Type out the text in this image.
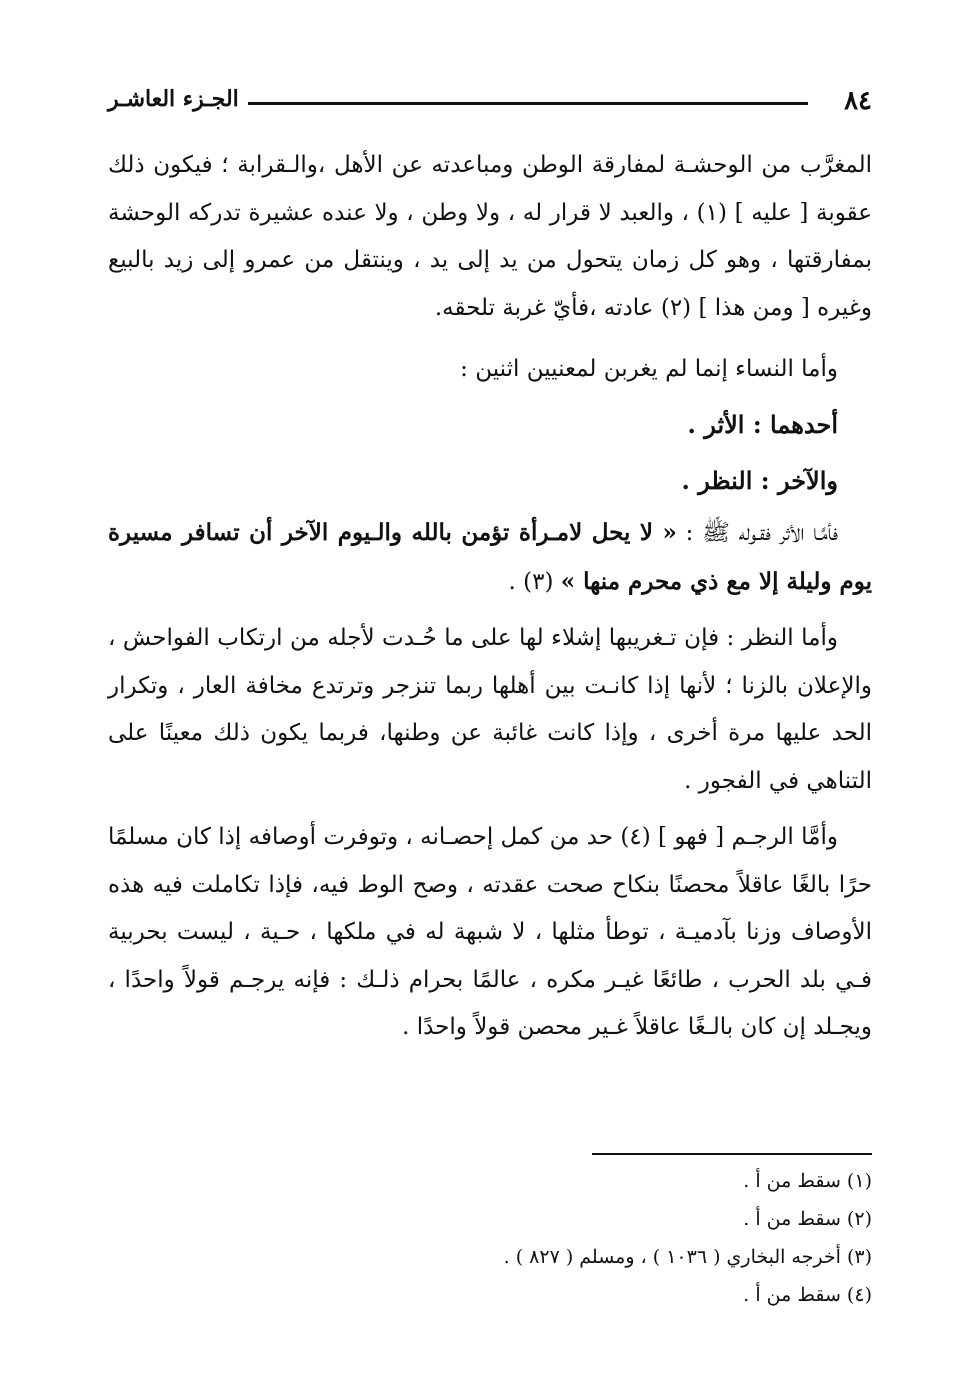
٨٤
الجـزء العاشـر

المغرَّب من الوحشـة لمفارقة الوطن ومباعدته عن الأهل ،والـقرابة ؛ فيكون ذلك عقوبة [ عليه ] (١) ، والعبد لا قرار له ، ولا وطن ، ولا عنده عشيرة تدركه الوحشة بمفارقتها ، وهو كل زمان يتحول من يد إلى يد ، وينتقل من عمرو إلى زيد بالبيع وغيره [ ومن هذا ] (٢) عادته ،فأيّ غربة تلحقه.

وأما النساء إنما لم يغربن لمعنيين اثنين :

أحدهما : الأثر .

والآخر : النظر .

فأمَّـا الأثر فقـوله ﷺ : « لا يحل لامـرأة تؤمن بالله والـيوم الآخر أن تسافر مسيرة يوم وليلة إلا مع ذي محرم منها » (٣) .

وأما النظر : فإن تـغريبها إشلاء لها على ما حُـدت لأجله من ارتكاب الفواحش ، والإعلان بالزنا ؛ لأنها إذا كانـت بين أهلها ربما تنزجر وترتدع مخافة العار ، وتكرار الحد عليها مرة أخرى ، وإذا كانت غائبة عن وطنها، فربما يكون ذلك معينًا على التناهي في الفجور .

وأمَّا الرجـم [ فهو ] (٤) حد من كمل إحصـانه ، وتوفرت أوصافه إذا كان مسلمًا حرًا بالغًا عاقلاً محصنًا بنكاح صحت عقدته ، وصح الوط فيه، فإذا تكاملت فيه هذه الأوصاف وزنا بآدميـة ، توطأ مثلها ، لا شبهة له في ملكها ، حـية ، ليست بحربية فـي بلد الحرب ، طائعًا غيـر مكره ، عالمًا بحرام ذلـك : فإنه يرجـم قولاً واحدًا ، ويجـلد إن كان بالـغًا عاقلاً غـير محصن قولاً واحدًا .

(١) سقط من أ .

(٢) سقط من أ .

(٣) أخرجه البخاري ( ١٠٣٦ ) ، ومسلم ( ٨٢٧ ) .

(٤) سقط من أ .
